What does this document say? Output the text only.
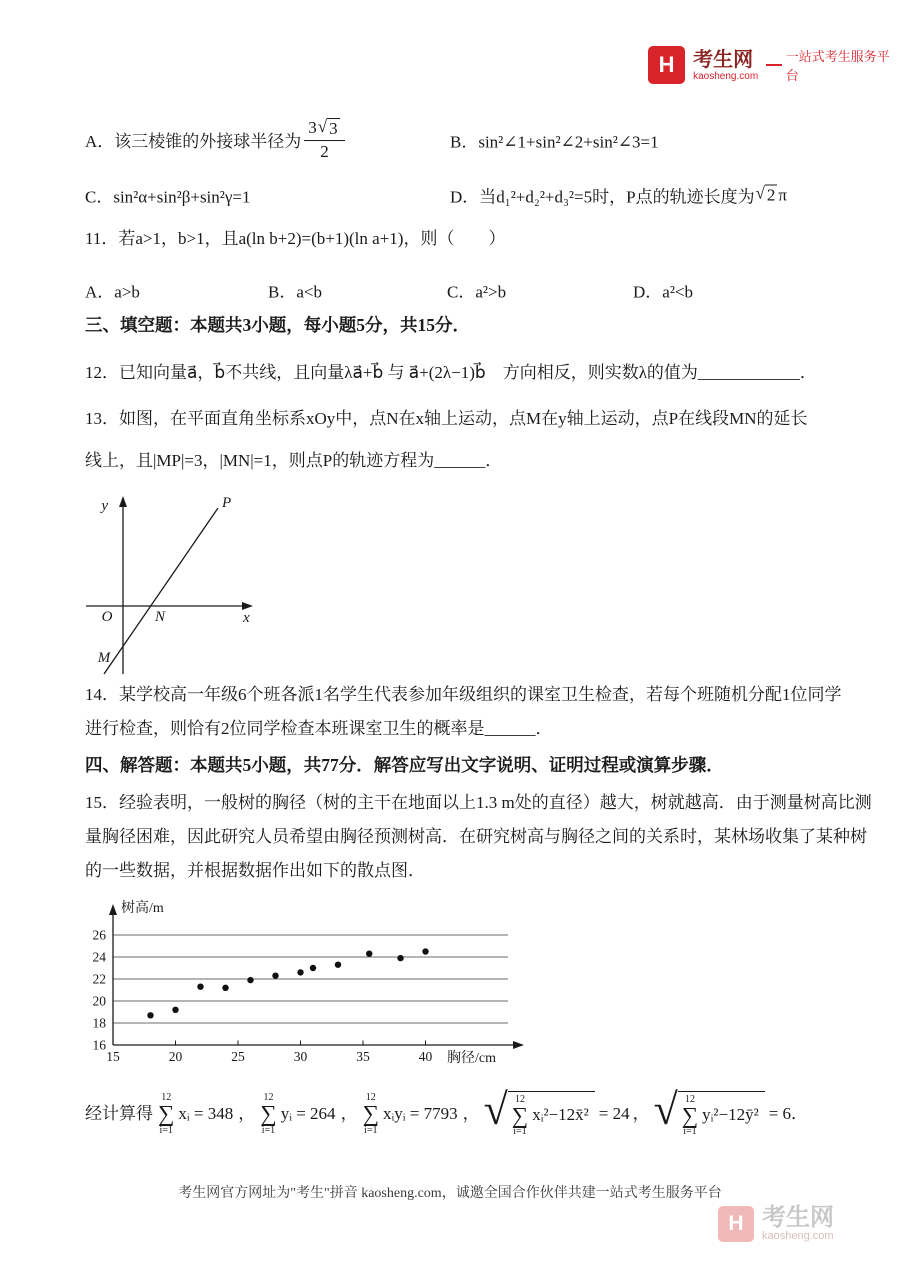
H 考生网
kaosheng.com
一站式考生服务平台
A．该三棱锥的外接球半径为 $\frac{3 √ 3}{2}$	B．sin²∠1+sin²∠2+sin²∠3=1
C．sin²α+sin²β+sin²γ=1	D．当d₁²+d₂²+d₃²=5时，P点的轨迹长度为 √ 2 π
11．若a>1，b>1，且a(ln b+2)=(b+1)(ln a+1)，则（　　）
A．a>b	B．a<b	C．a²>b	D．a²<b
三、填空题：本题共3小题，每小题5分，共15分．
12．已知向量a⃗，b⃗不共线，且向量λa⃗+b⃗ 与 a⃗+(2λ−1)b⃗　方向相反，则实数λ的值为____________．
13．如图，在平面直角坐标系xOy中，点N在x轴上运动，点M在y轴上运动，点P在线段MN的延长
线上，且|MP|=3，|MN|=1，则点P的轨迹方程为______．
y
x
O	N
M
P
14．某学校高一年级6个班各派1名学生代表参加年级组织的课室卫生检查，若每个班随机分配1位同学
进行检查，则恰有2位同学检查本班课室卫生的概率是______．
四、解答题：本题共5小题，共77分．解答应写出文字说明、证明过程或演算步骤．
15．经验表明，一般树的胸径（树的主干在地面以上1.3 m处的直径）越大，树就越高．由于测量树高比测
量胸径困难，因此研究人员希望由胸径预测树高．在研究树高与胸径之间的关系时，某林场收集了某种树
的一些数据，并根据数据作出如下的散点图．
树高/m
胸径/cm
16
18
20
22
24
26
15	20	25	30	35	40
经计算得
12
∑
i=1
xᵢ = 348 ，
12
∑
i=1
yᵢ = 264 ，
12
∑
i=1
xᵢyᵢ = 7793 ， √ 12
∑
i=1
xᵢ²−12x̄² = 24 ， √ 12
∑
i=1
yᵢ²−12ȳ² = 6．
考生网官方网址为"考生"拼音 kaosheng.com，诚邀全国合作伙伴共建一站式考生服务平台
H 考生网
kaosheng.com
